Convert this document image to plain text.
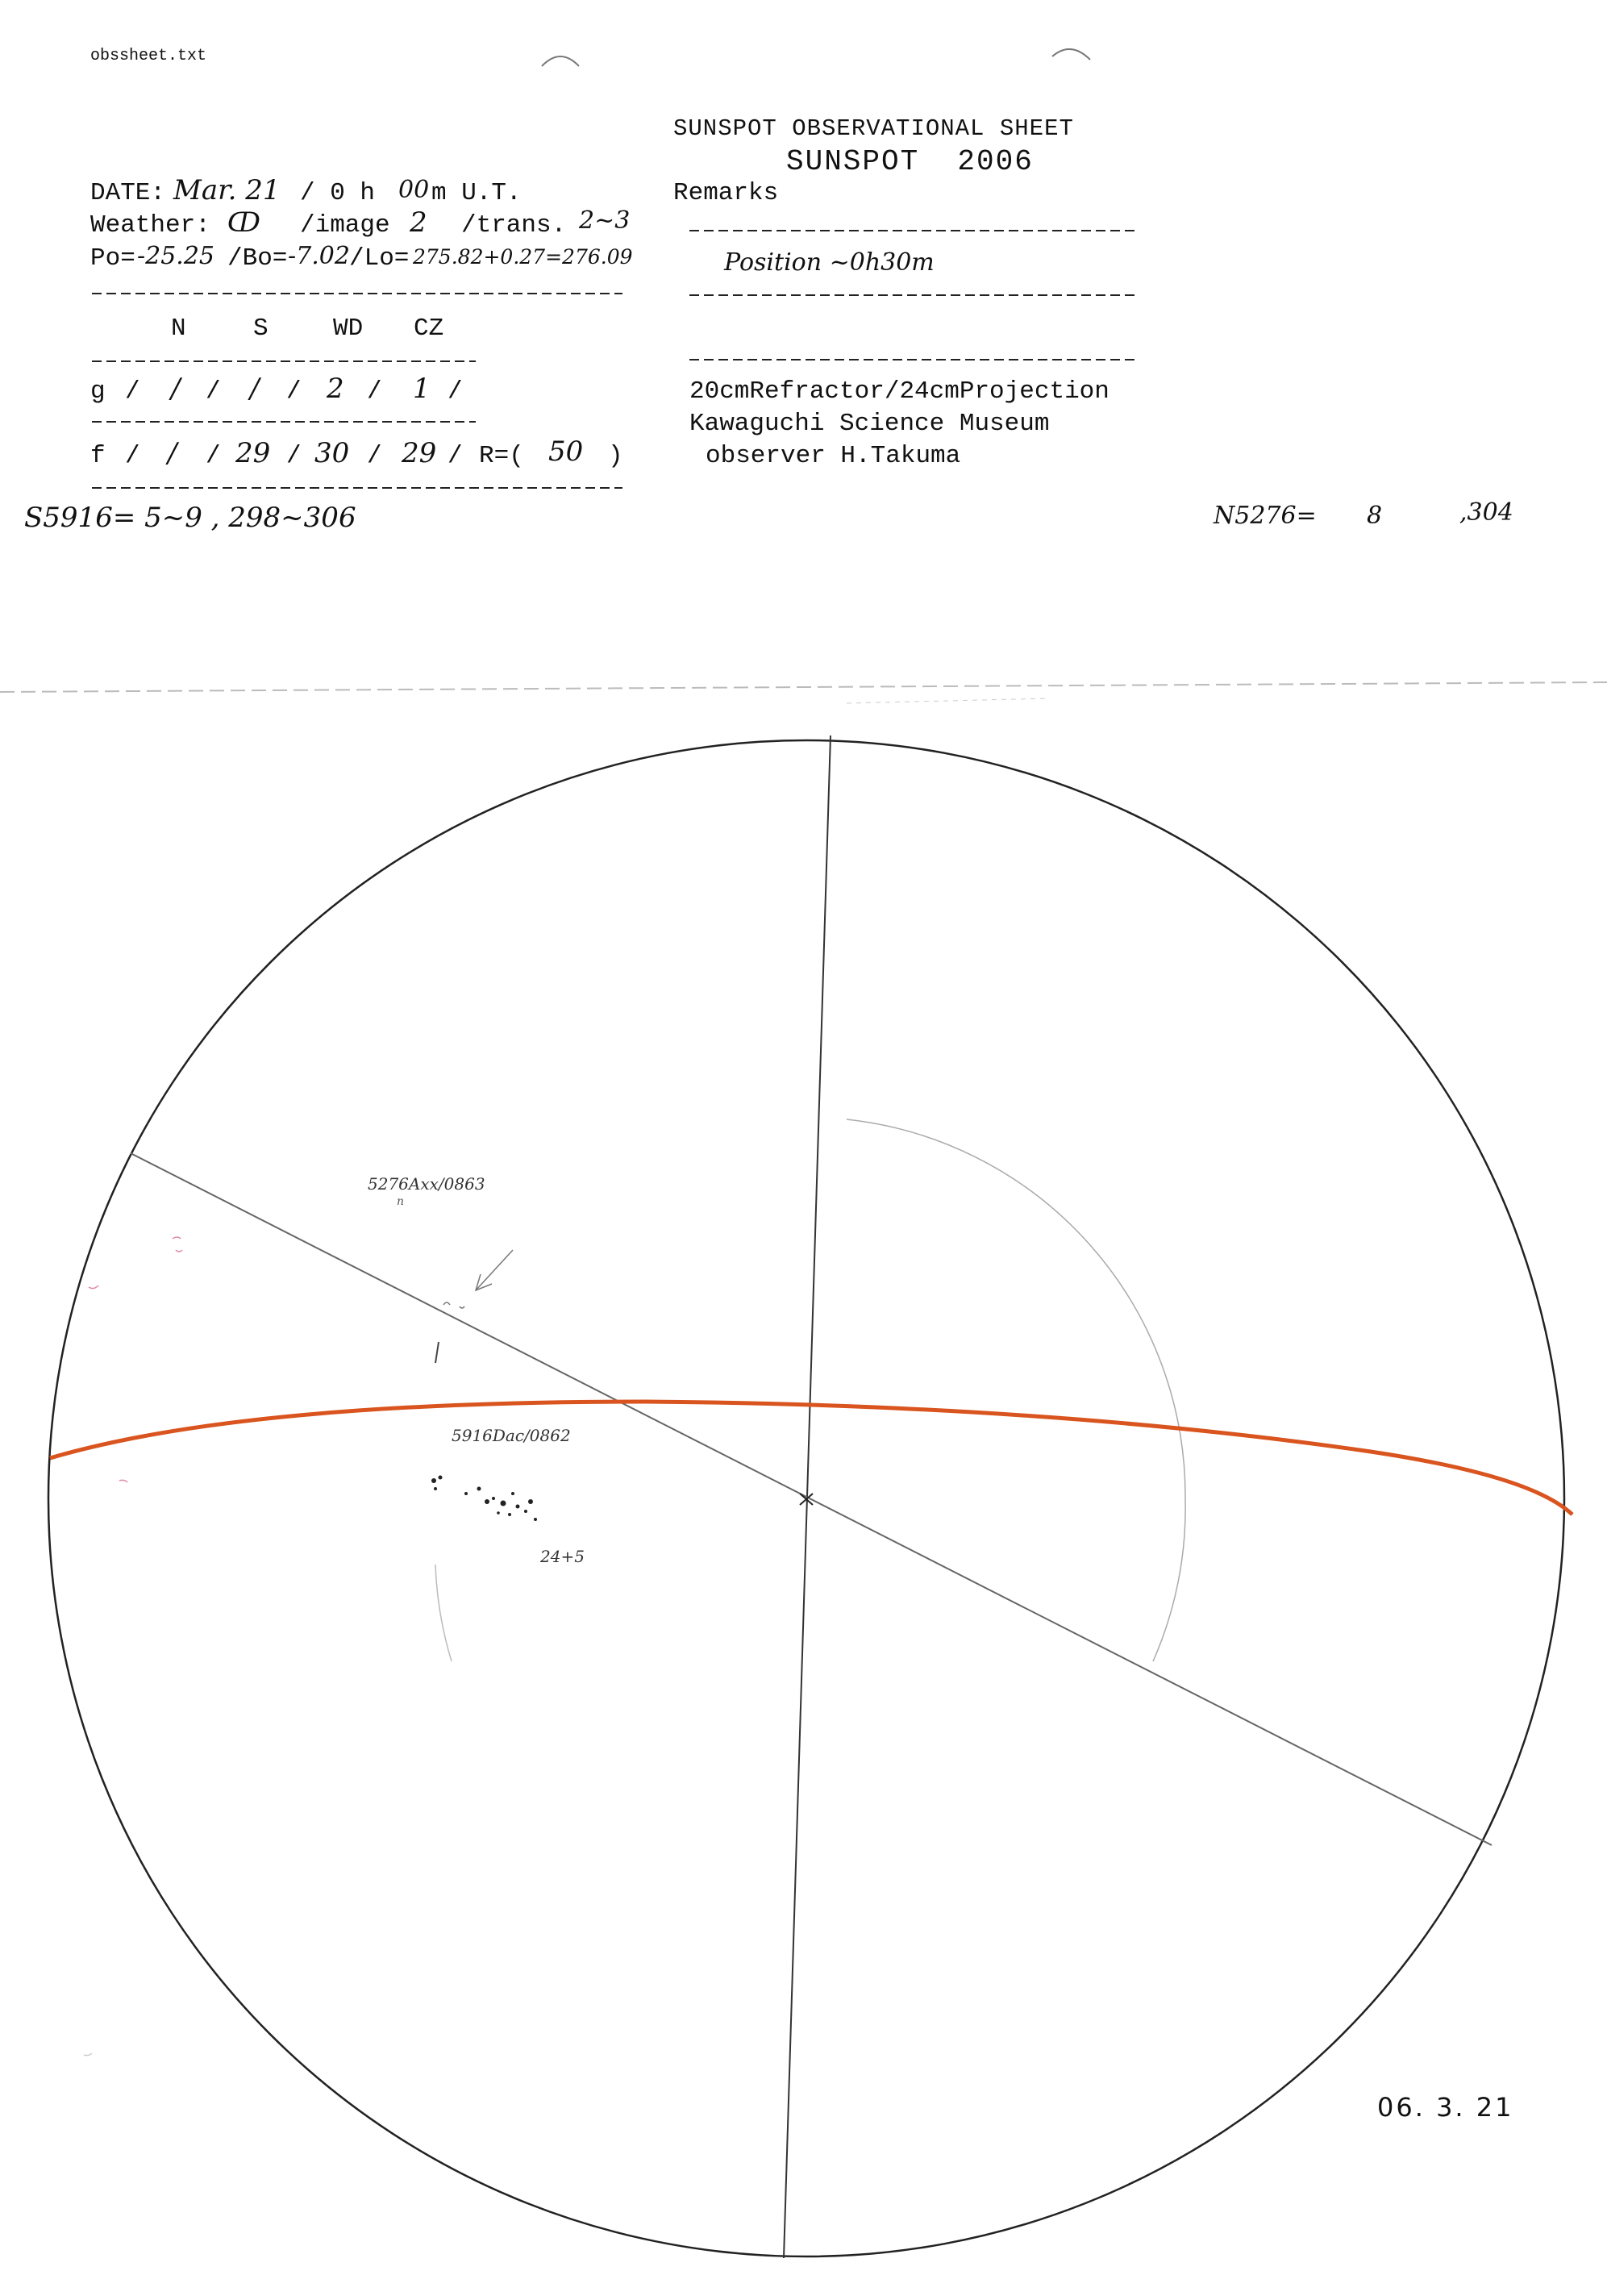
obssheet.txt
SUNSPOT OBSERVATIONAL SHEET
SUNSPOT  2006
Remarks
DATE: Mar. 21 / 0 h 00 m U.T.
Weather: ↀ /image 2 /trans. 2~3
Po= -25.25 /Bo= -7.02 /Lo= 275.82+0.27=276.09
N	S	WD CZ
g / / / / / 2 / 1 /
f / / / 29 / 30 / 29 / R=( 50 )
Position ~0h30m
20cmRefractor/24cmProjection
Kawaguchi Science Museum
observer H.Takuma
S5916= 5~9 , 298~306	N5276= 8	,304
5276Axx/0863
n
5916Dac/0862
24+5
06. 3. 21
